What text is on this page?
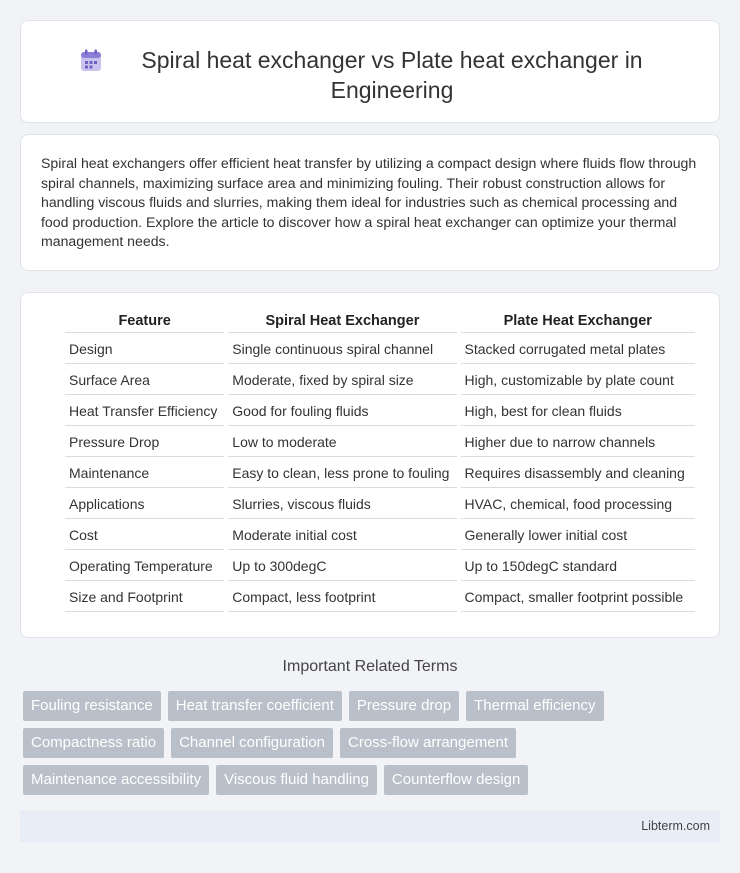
Spiral heat exchanger vs Plate heat exchanger in Engineering

Spiral heat exchangers offer efficient heat transfer by utilizing a compact design where fluids flow through spiral channels, maximizing surface area and minimizing fouling. Their robust construction allows for handling viscous fluids and slurries, making them ideal for industries such as chemical processing and food production. Explore the article to discover how a spiral heat exchanger can optimize your thermal management needs.

Feature	Spiral Heat Exchanger	Plate Heat Exchanger
Design	Single continuous spiral channel	Stacked corrugated metal plates
Surface Area	Moderate, fixed by spiral size	High, customizable by plate count
Heat Transfer Efficiency	Good for fouling fluids	High, best for clean fluids
Pressure Drop	Low to moderate	Higher due to narrow channels
Maintenance	Easy to clean, less prone to fouling	Requires disassembly and cleaning
Applications	Slurries, viscous fluids	HVAC, chemical, food processing
Cost	Moderate initial cost	Generally lower initial cost
Operating Temperature	Up to 300degC	Up to 150degC standard
Size and Footprint	Compact, less footprint	Compact, smaller footprint possible
Important Related Terms
Fouling resistance	Heat transfer coefficient	Pressure drop	Thermal efficiency
Compactness ratio	Channel configuration	Cross-flow arrangement
Maintenance accessibility	Viscous fluid handling	Counterflow design
Libterm.com
